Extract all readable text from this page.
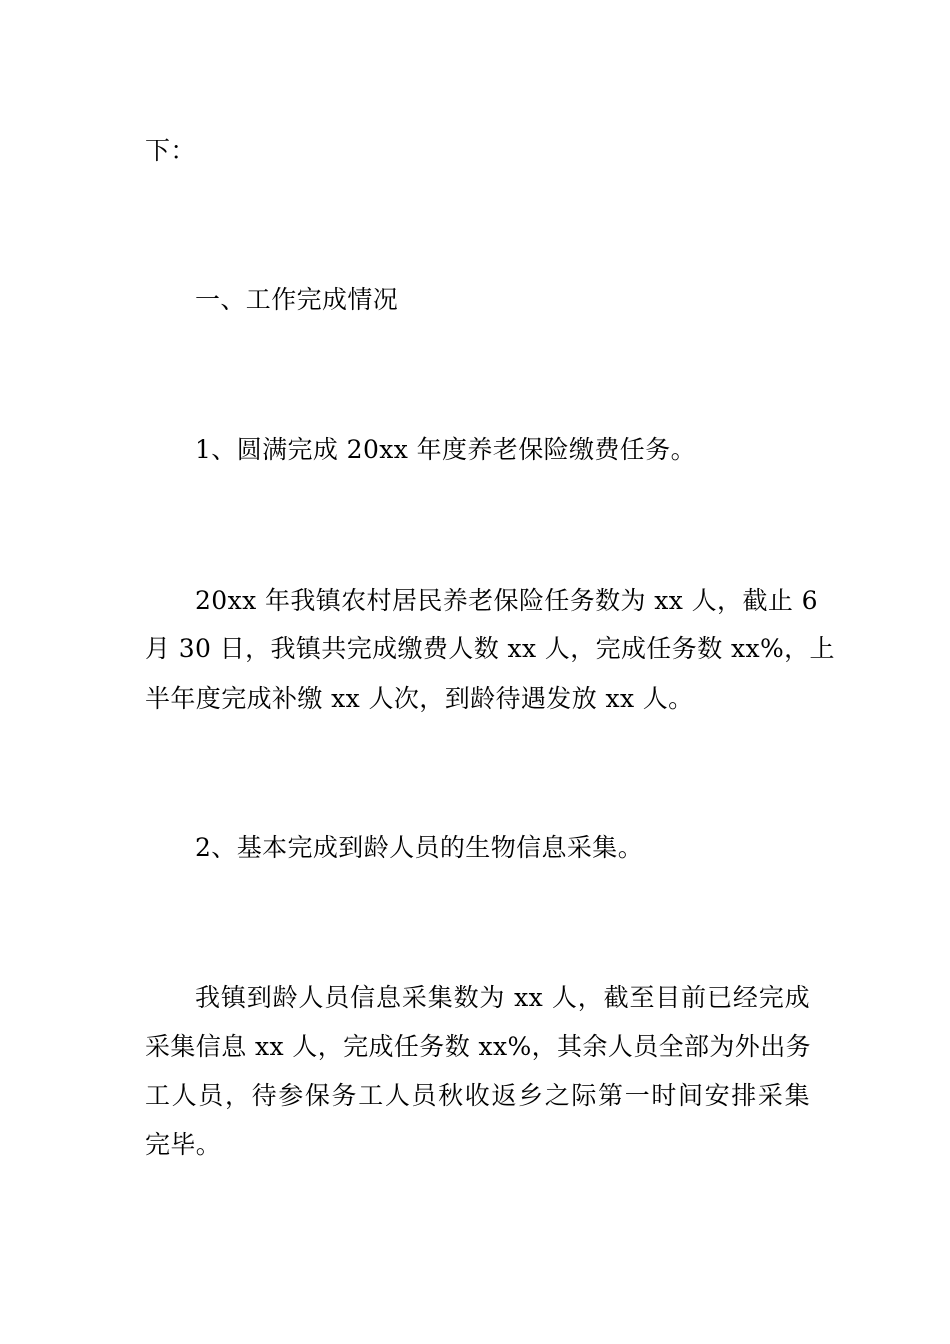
下：

一、工作完成情况

1、圆满完成 20xx 年度养老保险缴费任务。

20xx 年我镇农村居民养老保险任务数为 xx 人，截止 6

月 30 日，我镇共完成缴费人数 xx 人，完成任务数 xx%，上

半年度完成补缴 xx 人次，到龄待遇发放 xx 人。

2、基本完成到龄人员的生物信息采集。

我镇到龄人员信息采集数为 xx 人，截至目前已经完成

采集信息 xx 人，完成任务数 xx%，其余人员全部为外出务

工人员，待参保务工人员秋收返乡之际第一时间安排采集

完毕。
